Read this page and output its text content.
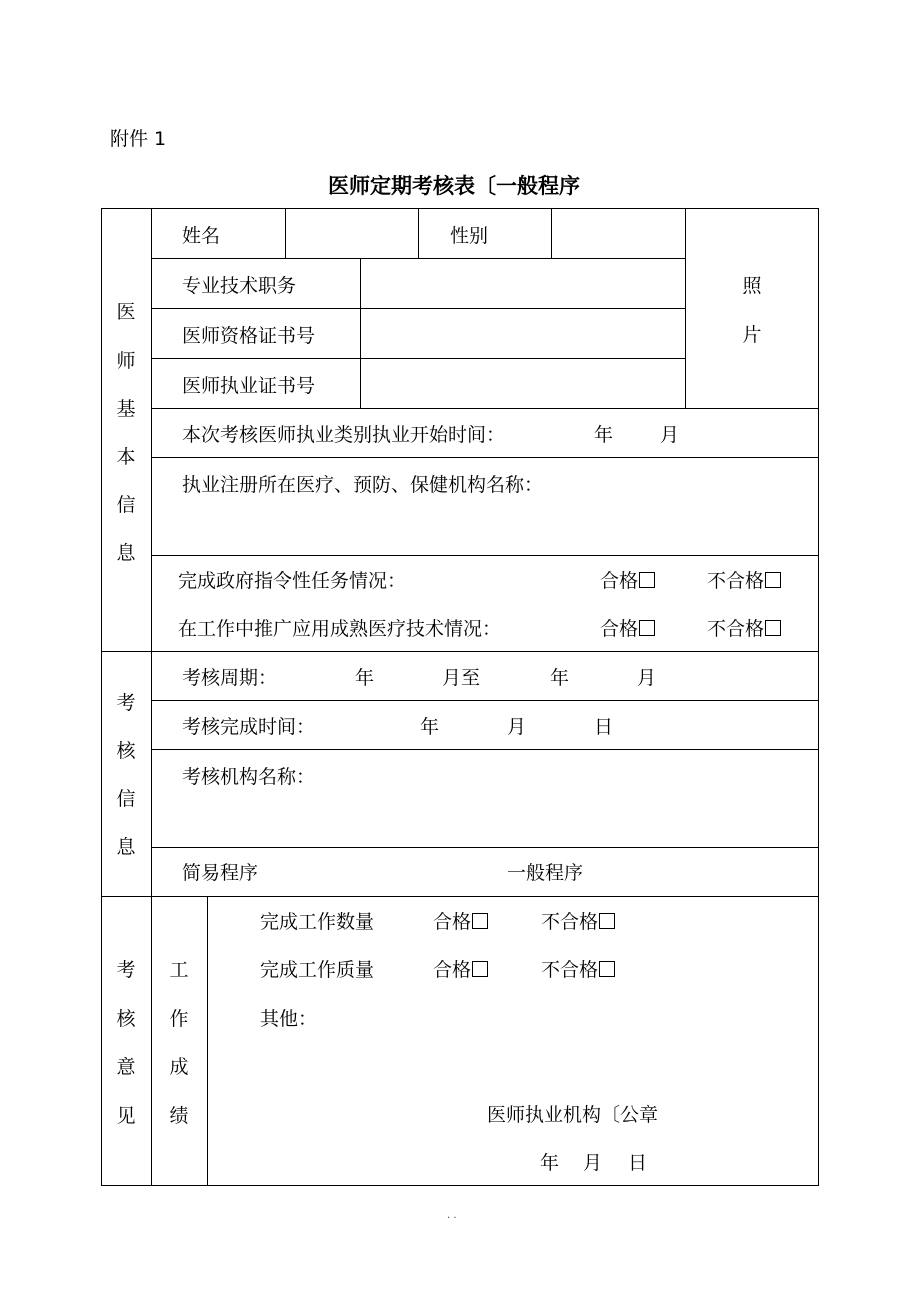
附件 1
医师定期考核表〔一般程序
医
师
基
本
信
息
姓名	性别
专业技术职务
医师资格证书号
医师执业证书号
照
片
本次考核医师执业类别执业开始时间：	年 月
执业注册所在医疗、预防、保健机构名称：
完成政府指令性任务情况：	合格	不合格
在工作中推广应用成熟医疗技术情况：	合格	不合格
考
核
信
息
考核周期：	年	月至	年	月
考核完成时间：	年	月	日
考核机构名称：
简易程序	一般程序
考
核
意
见
工
作
成
绩
完成工作数量	合格	不合格
完成工作质量	合格	不合格
其他：
医师执业机构〔公章
年 月 日
. .
